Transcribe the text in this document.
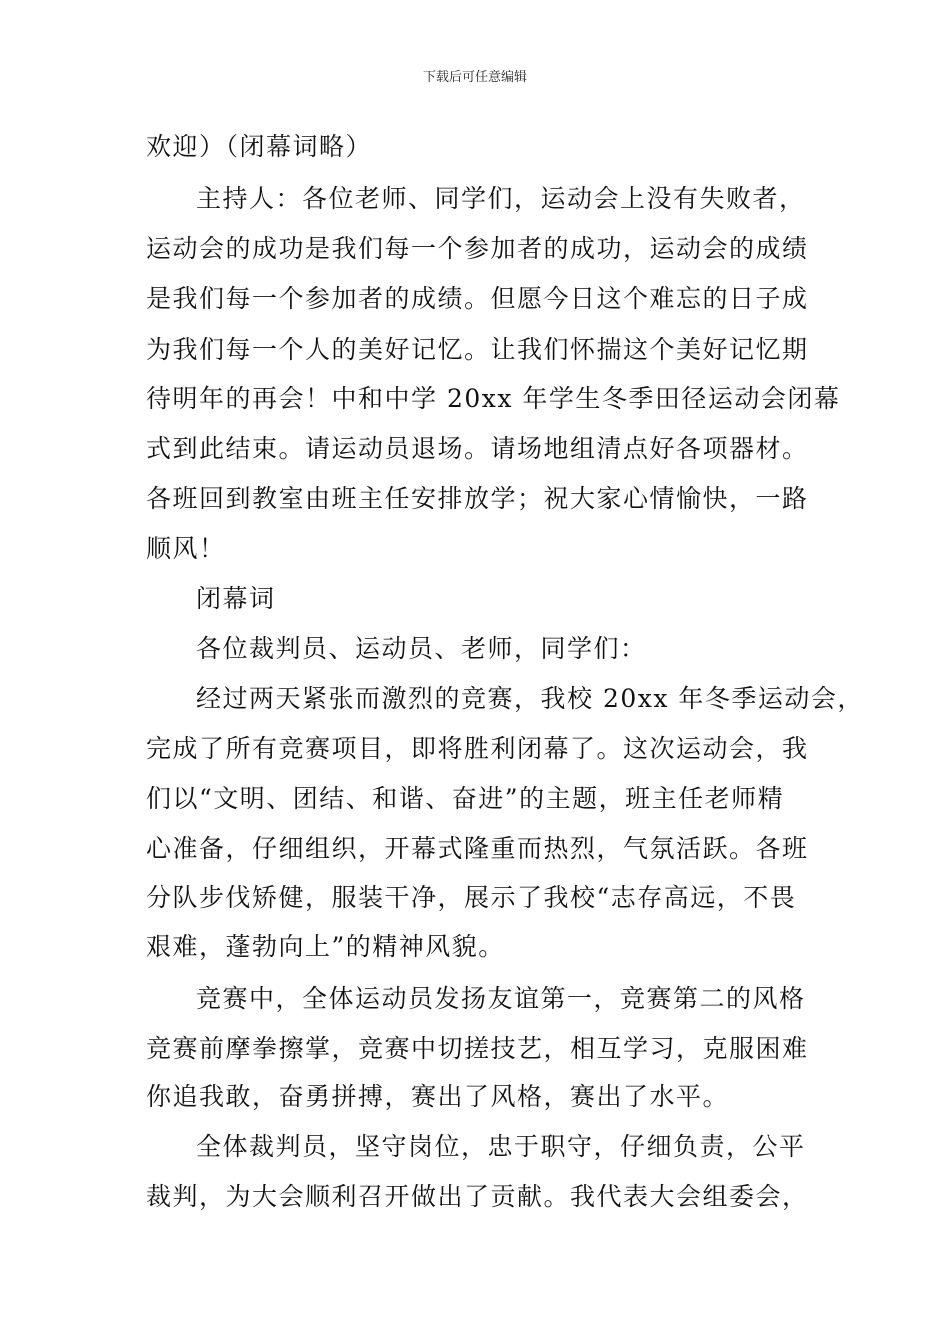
下载后可任意编辑
欢迎）（闭幕词略）
主持人：各位老师、同学们，运动会上没有失败者，
运动会的成功是我们每一个参加者的成功，运动会的成绩
是我们每一个参加者的成绩。但愿今日这个难忘的日子成
为我们每一个人的美好记忆。让我们怀揣这个美好记忆期
待明年的再会！中和中学 20xx 年学生冬季田径运动会闭幕
式到此结束。请运动员退场。请场地组清点好各项器材。
各班回到教室由班主任安排放学；祝大家心情愉快，一路
顺风！
闭幕词
各位裁判员、运动员、老师，同学们：
经过两天紧张而激烈的竞赛，我校 20xx 年冬季运动会，
完成了所有竞赛项目，即将胜利闭幕了。这次运动会，我
们以“文明、团结、和谐、奋进”的主题，班主任老师精
心准备，仔细组织，开幕式隆重而热烈，气氛活跃。各班
分队步伐矫健，服装干净，展示了我校“志存高远，不畏
艰难，蓬勃向上”的精神风貌。
竞赛中，全体运动员发扬友谊第一，竞赛第二的风格
竞赛前摩拳擦掌，竞赛中切搓技艺，相互学习，克服困难
你追我敢，奋勇拼搏，赛出了风格，赛出了水平。
全体裁判员，坚守岗位，忠于职守，仔细负责，公平
裁判，为大会顺利召开做出了贡献。我代表大会组委会，
